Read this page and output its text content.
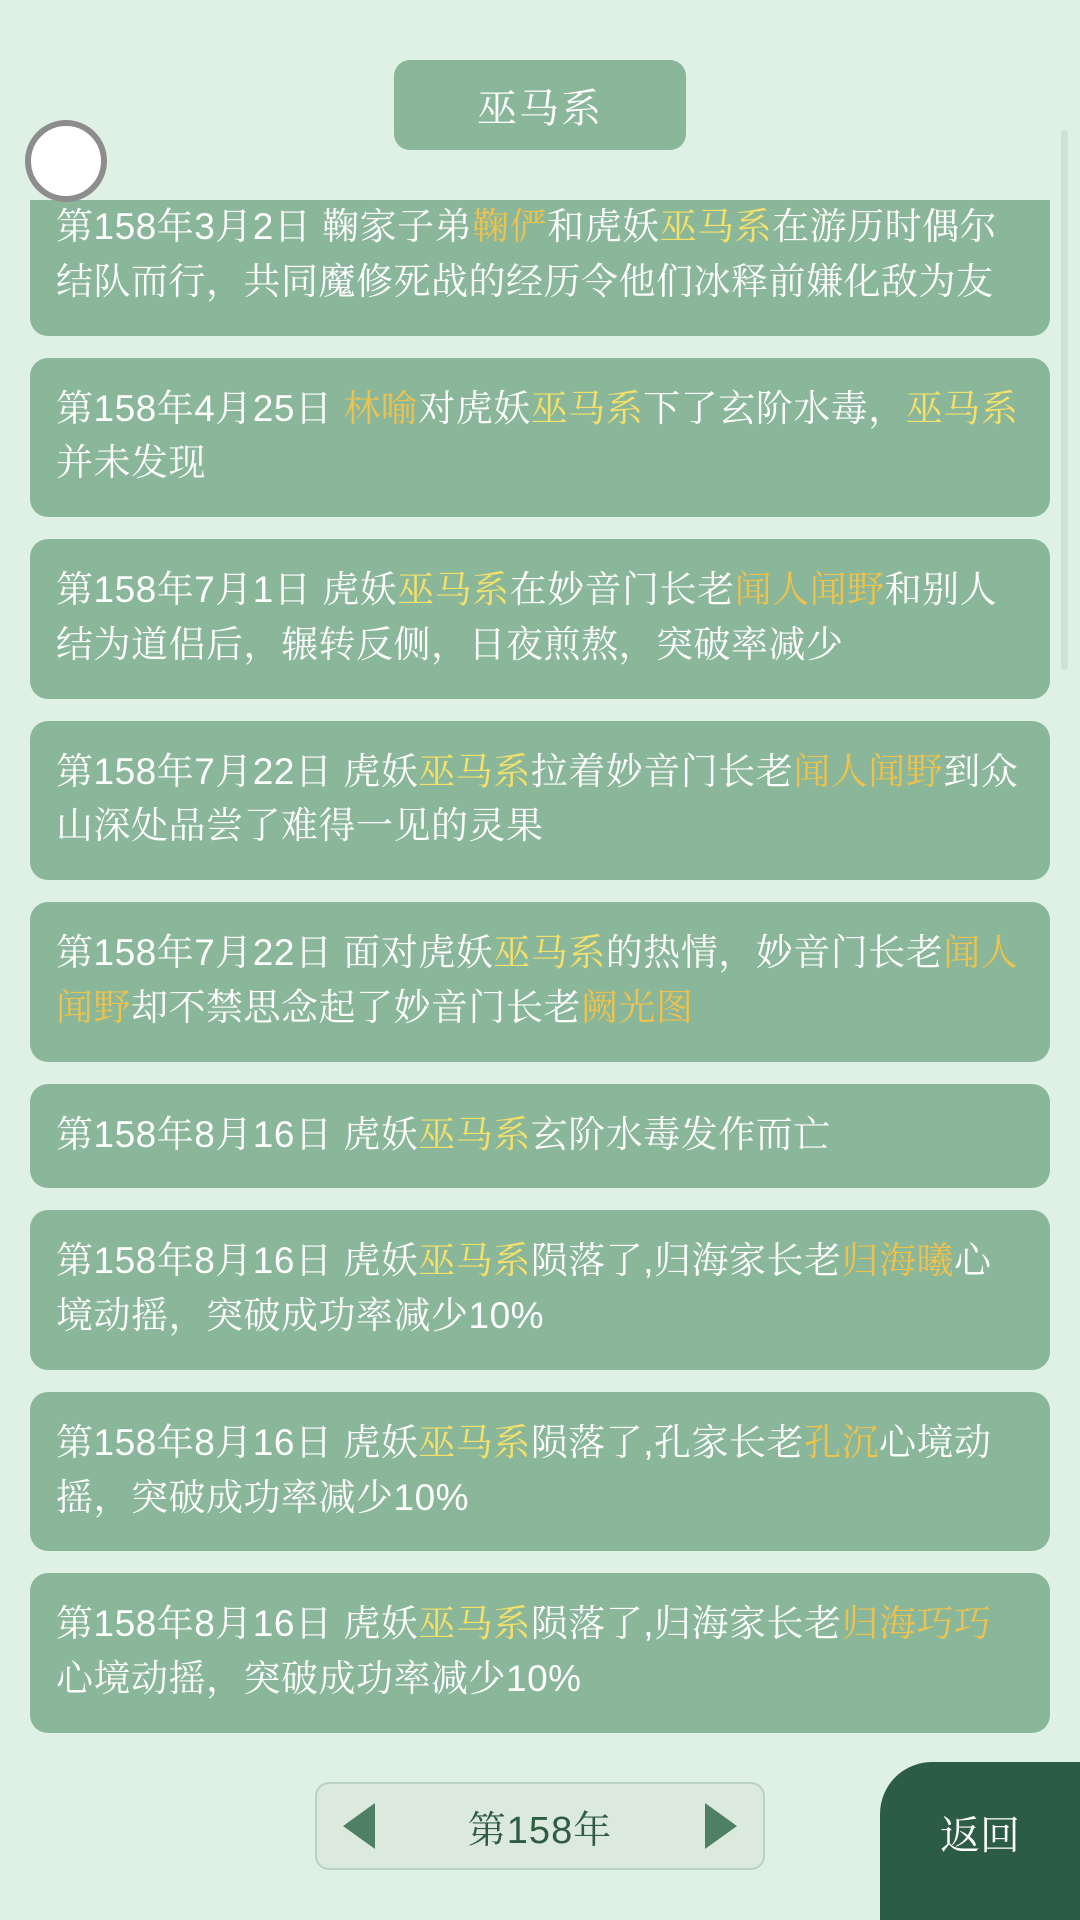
巫马系
第158年3月2日 鞠家子弟鞠俨和虎妖巫马系在游历时偶尔结队而行，共同魔修死战的经历令他们冰释前嫌化敌为友
第158年4月25日 林喻对虎妖巫马系下了玄阶水毒，巫马系并未发现
第158年7月1日 虎妖巫马系在妙音门长老闻人闻野和别人结为道侣后，辗转反侧，日夜煎熬，突破率减少
第158年7月22日 虎妖巫马系拉着妙音门长老闻人闻野到众山深处品尝了难得一见的灵果
第158年7月22日 面对虎妖巫马系的热情，妙音门长老闻人闻野却不禁思念起了妙音门长老阙光图
第158年8月16日 虎妖巫马系玄阶水毒发作而亡
第158年8月16日 虎妖巫马系陨落了,归海家长老归海曦心境动摇，突破成功率减少10%
第158年8月16日 虎妖巫马系陨落了,孔家长老孔沉心境动摇，突破成功率减少10%
第158年8月16日 虎妖巫马系陨落了,归海家长老归海巧巧心境动摇，突破成功率减少10%
第158年	返回
